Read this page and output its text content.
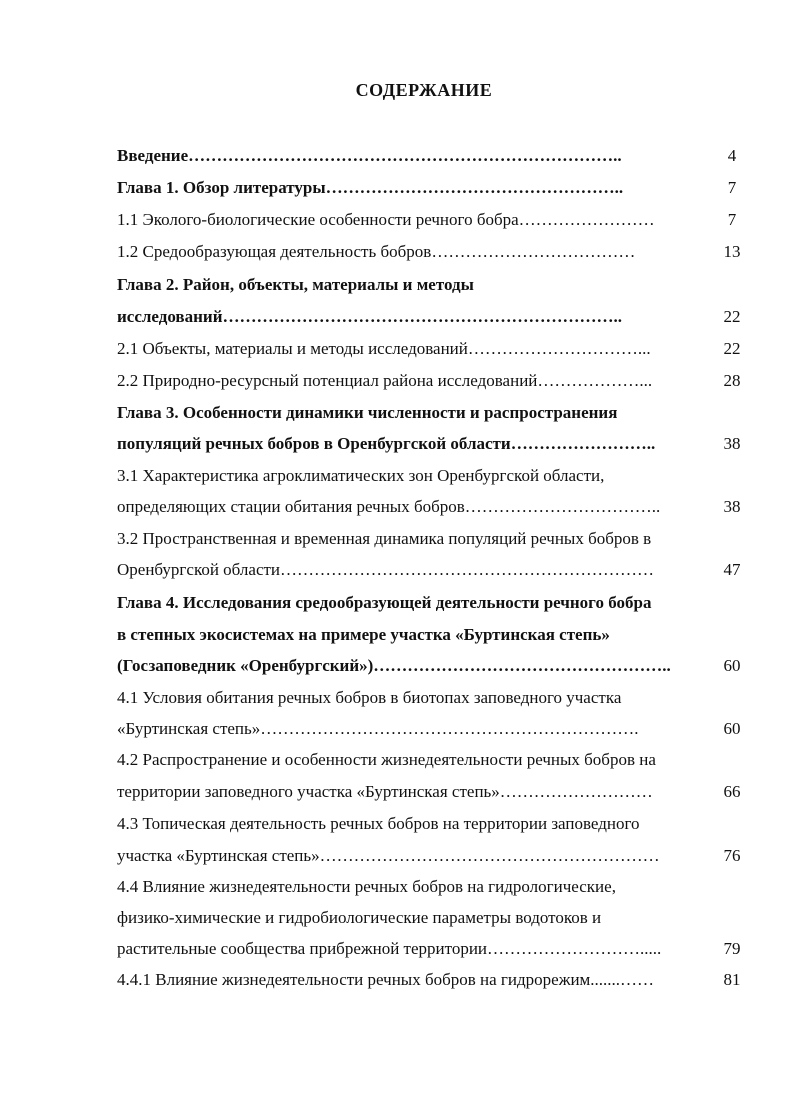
СОДЕРЖАНИЕ
Введение…………………………………………………………………..	4
Глава 1. Обзор литературы……………………………………………..	7
1.1 Эколого-биологические особенности речного бобра……………………	7
1.2 Средообразующая деятельность бобров………………………………	13
Глава 2. Район, объекты, материалы и методы
исследований……………………………………………………………..	22
2.1 Объекты, материалы и методы исследований…………………………...	22
2.2 Природно-ресурсный потенциал района исследований………………...	28
Глава 3. Особенности динамики численности и распространения
популяций речных бобров в Оренбургской области……………………..	38
3.1 Характеристика агроклиматических зон Оренбургской области,
определяющих стации обитания речных бобров……………………………..	38
3.2 Пространственная и временная динамика популяций речных бобров в
Оренбургской области…………………………………………………………	47
Глава 4. Исследования средообразующей деятельности речного бобра
в степных экосистемах на примере участка «Буртинская степь»
(Госзаповедник «Оренбургский»)……………………………………………..	60
4.1 Условия обитания речных бобров в биотопах заповедного участка
«Буртинская степь»………………………………………………………….	60
4.2 Распространение и особенности жизнедеятельности речных бобров на
территории заповедного участка «Буртинская степь»………………………	66
4.3 Топическая деятельность речных бобров на территории заповедного
участка «Буртинская степь»……………………………………………………	76
4.4 Влияние жизнедеятельности речных бобров на гидрологические,
физико-химические и гидробиологические параметры водотоков и
растительные сообщества прибрежной территории……………………….....	79
4.4.1 Влияние жизнедеятельности речных бобров на гидрорежим.......……	81
